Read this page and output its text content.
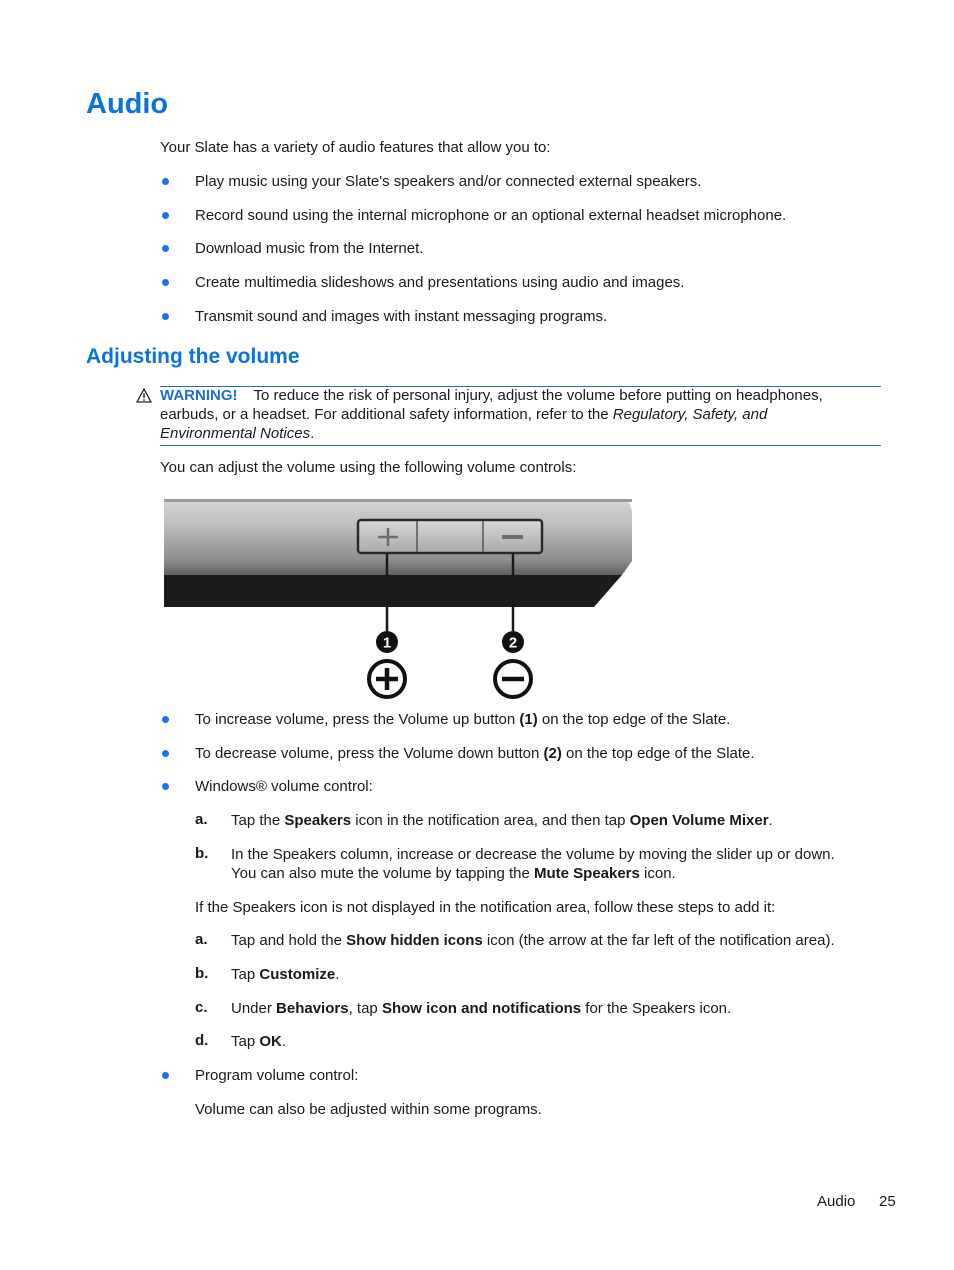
Audio
Your Slate has a variety of audio features that allow you to:
Play music using your Slate's speakers and/or connected external speakers.
Record sound using the internal microphone or an optional external headset microphone.
Download music from the Internet.
Create multimedia slideshows and presentations using audio and images.
Transmit sound and images with instant messaging programs.
Adjusting the volume
WARNING! To reduce the risk of personal injury, adjust the volume before putting on headphones,
earbuds, or a headset. For additional safety information, refer to the Regulatory, Safety, and
Environmental Notices.
You can adjust the volume using the following volume controls:
1	2
To increase volume, press the Volume up button (1) on the top edge of the Slate.
To decrease volume, press the Volume down button (2) on the top edge of the Slate.
Windows® volume control:
a. Tap the Speakers icon in the notification area, and then tap Open Volume Mixer.
b. In the Speakers column, increase or decrease the volume by moving the slider up or down.
You can also mute the volume by tapping the Mute Speakers icon.
If the Speakers icon is not displayed in the notification area, follow these steps to add it:
a. Tap and hold the Show hidden icons icon (the arrow at the far left of the notification area).
b. Tap Customize.
c. Under Behaviors, tap Show icon and notifications for the Speakers icon.
d. Tap OK.
Program volume control:
Volume can also be adjusted within some programs.
Audio 25
